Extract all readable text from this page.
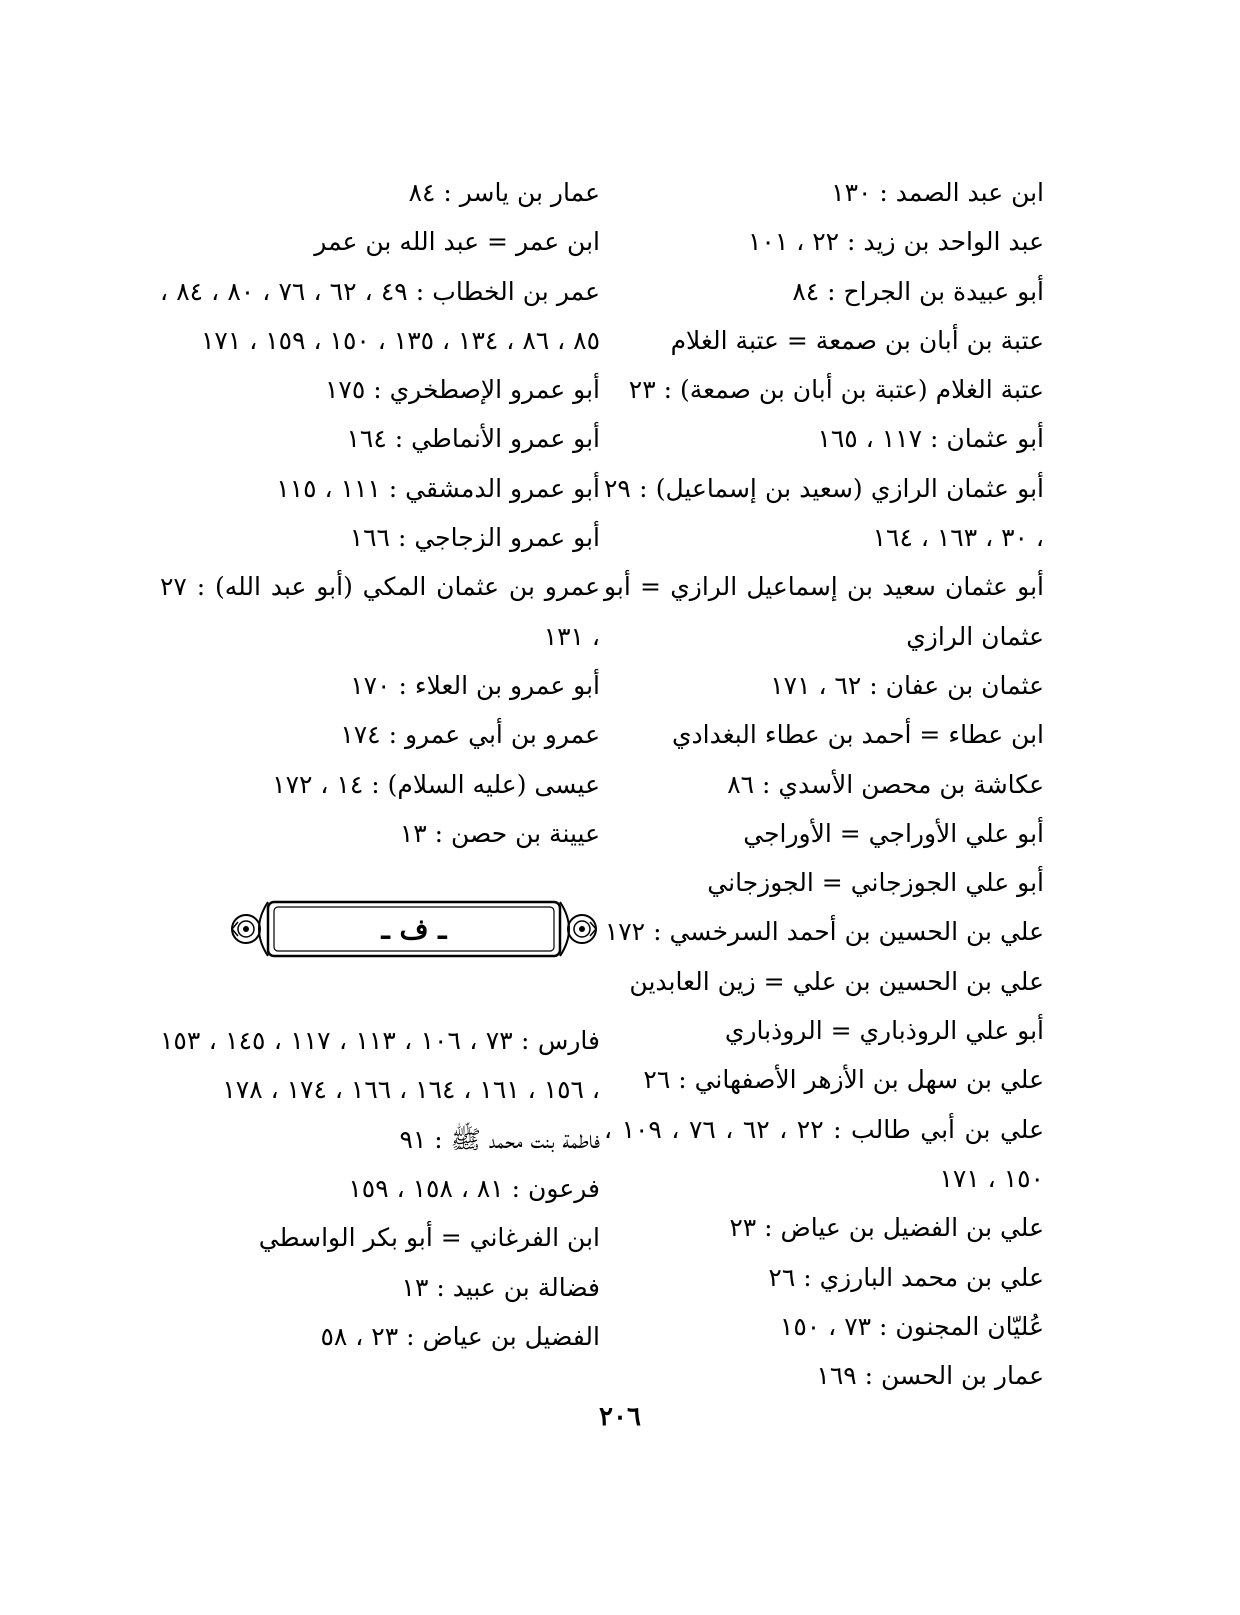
ابن عبد الصمد : ١٣٠
عبد الواحد بن زيد : ٢٢ ، ١٠١
أبو عبيدة بن الجراح : ٨٤
عتبة بن أبان بن صمعة = عتبة الغلام
عتبة الغلام (عتبة بن أبان بن صمعة) : ٢٣
أبو عثمان : ١١٧ ، ١٦٥
أبو عثمان الرازي (سعيد بن إسماعيل) : ٢٩ ، ٣٠ ، ١٦٣ ، ١٦٤
أبو عثمان سعيد بن إسماعيل الرازي = أبو عثمان الرازي
عثمان بن عفان : ٦٢ ، ١٧١
ابن عطاء = أحمد بن عطاء البغدادي
عكاشة بن محصن الأسدي : ٨٦
أبو علي الأوراجي = الأوراجي
أبو علي الجوزجاني = الجوزجاني
علي بن الحسين بن أحمد السرخسي : ١٧٢
علي بن الحسين بن علي = زين العابدين
أبو علي الروذباري = الروذباري
علي بن سهل بن الأزهر الأصفهاني : ٢٦
علي بن أبي طالب : ٢٢ ، ٦٢ ، ٧٦ ، ١٠٩ ، ١٥٠ ، ١٧١
علي بن الفضيل بن عياض : ٢٣
علي بن محمد البارزي : ٢٦
عُليّان المجنون : ٧٣ ، ١٥٠
عمار بن الحسن : ١٦٩
عمار بن ياسر : ٨٤
ابن عمر = عبد الله بن عمر
عمر بن الخطاب : ٤٩ ، ٦٢ ، ٧٦ ، ٨٠ ، ٨٤ ، ٨٥ ، ٨٦ ، ١٣٤ ، ١٣٥ ، ١٥٠ ، ١٥٩ ، ١٧١
أبو عمرو الإصطخري : ١٧٥
أبو عمرو الأنماطي : ١٦٤
أبو عمرو الدمشقي : ١١١ ، ١١٥
أبو عمرو الزجاجي : ١٦٦
عمرو بن عثمان المكي (أبو عبد الله) : ٢٧ ، ١٣١
أبو عمرو بن العلاء : ١٧٠
عمرو بن أبي عمرو : ١٧٤
عيسى (عليه السلام) : ١٤ ، ١٧٢
عيينة بن حصن : ١٣
ـ ف ـ
فارس : ٧٣ ، ١٠٦ ، ١١٣ ، ١١٧ ، ١٤٥ ، ١٥٣ ، ١٥٦ ، ١٦١ ، ١٦٤ ، ١٦٦ ، ١٧٤ ، ١٧٨
فاطمة بنت محمد ﷺ : ٩١
فرعون : ٨١ ، ١٥٨ ، ١٥٩
ابن الفرغاني = أبو بكر الواسطي
فضالة بن عبيد : ١٣
الفضيل بن عياض : ٢٣ ، ٥٨
٢٠٦
